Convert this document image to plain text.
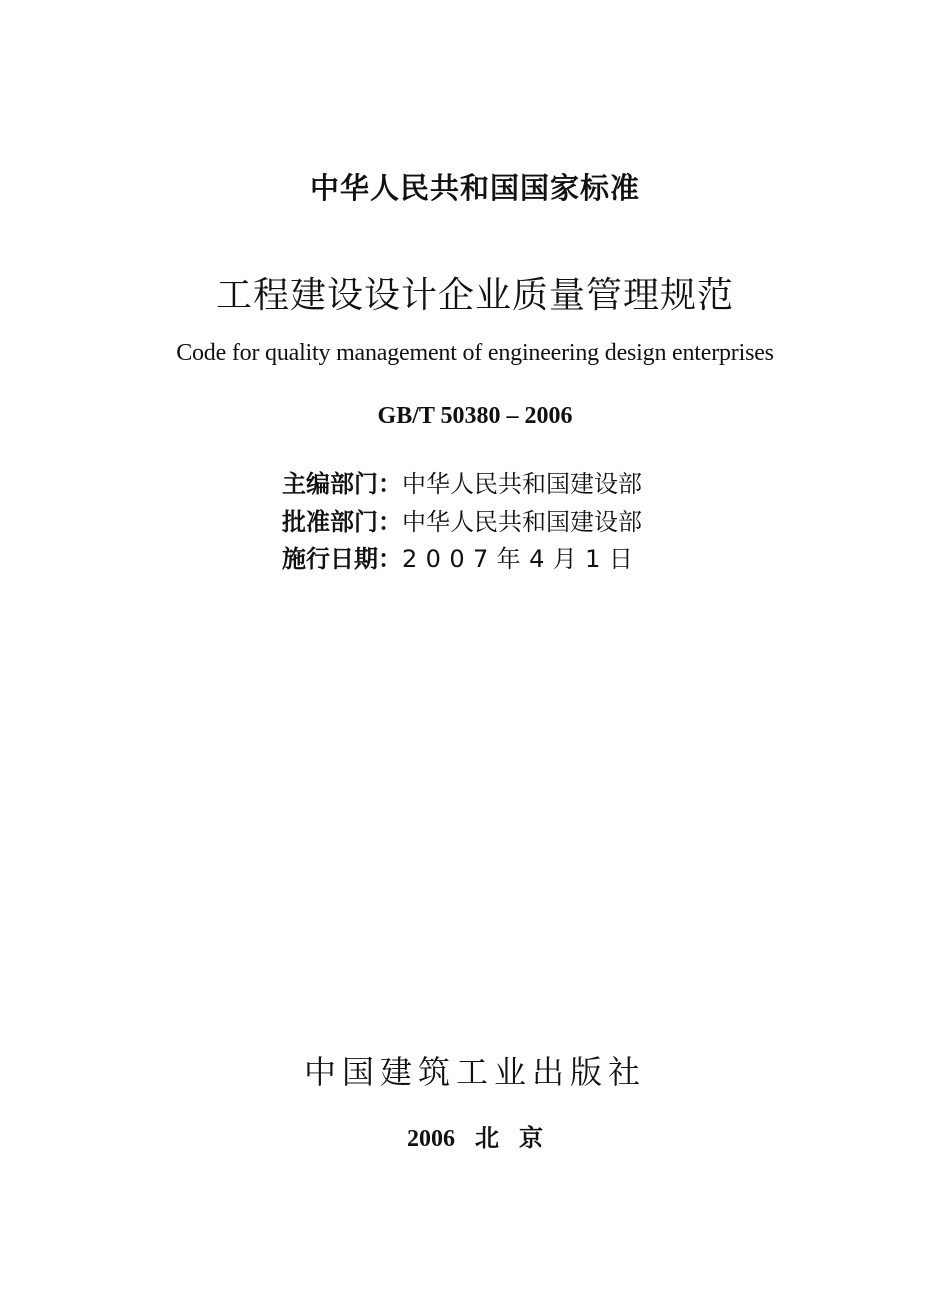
中华人民共和国国家标准
工程建设设计企业质量管理规范
Code for quality management of engineering design enterprises
GB/T 50380 – 2006
主编部门：中华人民共和国建设部
批准部门：中华人民共和国建设部
施行日期：2007年4月1日
中国建筑工业出版社
2006 北 京
